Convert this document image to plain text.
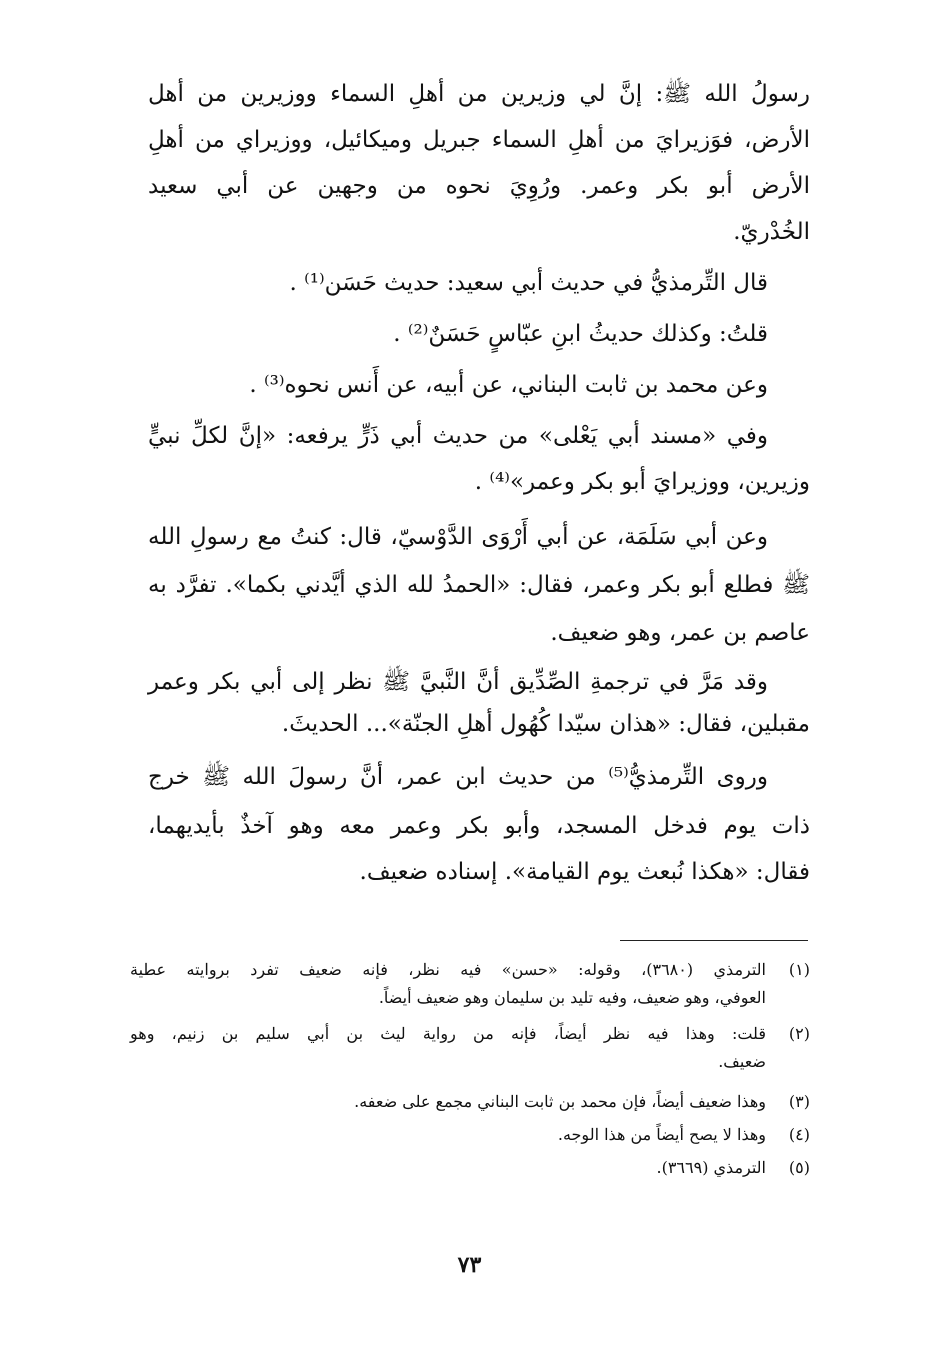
رسولُ الله ﷺ: إنَّ لي وزيرين من أهلِ السماء ووزيرين من أهل
الأرض، فوَزيرايَ من أهلِ السماء جبريل وميكائيل، ووزيراي من أهلِ
الأرض أبو بكر وعمر. ورُوِيَ نحوه من وجهين عن أبي سعيد
الخُدْريّ.
قال التِّرمذيُّ في حديث أبي سعيد: حديث حَسَن⁽¹⁾ .
قلتُ: وكذلك حديثُ ابنِ عبّاسٍ حَسَنٌ⁽²⁾ .
وعن محمد بن ثابت البناني، عن أبيه، عن أَنس نحوه⁽³⁾ .
وفي «مسند أبي يَعْلى» من حديث أبي ذَرٍّ يرفعه: «إنَّ لكلِّ نبيٍّ
وزيرين، ووزيرايَ أبو بكر وعمر»⁽⁴⁾ .
وعن أبي سَلَمَة، عن أبي أَرْوَى الدَّوْسيّ، قال: كنتُ مع رسولِ الله
ﷺ فطلع أبو بكر وعمر، فقال: «الحمدُ لله الذي أيَّدني بكما». تفرَّد به
عاصم بن عمر، وهو ضعيف.
وقد مَرَّ في ترجمةِ الصِّدِّيق أنَّ النَّبيَّ ﷺ نظر إلى أبي بكر وعمر
مقبلين، فقال: «هذان سيّدا كُهُول أهلِ الجنّة»... الحديثَ.
وروى التِّرمذيُّ⁽⁵⁾ من حديث ابن عمر، أنَّ رسولَ الله ﷺ خرج
ذات يوم فدخل المسجد، وأبو بكر وعمر معه وهو آخذٌ بأيديهما،
فقال: «هكذا نُبعث يوم القيامة». إسناده ضعيف.
(١)
الترمذي (٣٦٨٠)، وقوله: «حسن» فيه نظر، فإنه ضعيف تفرد بروايته عطية
العوفي، وهو ضعيف، وفيه تليد بن سليمان وهو ضعيف أيضاً.
(٢)
قلت: وهذا فيه نظر أيضاً، فإنه من رواية ليث بن أبي سليم بن زنيم، وهو
ضعيف.
(٣)
وهذا ضعيف أيضاً، فإن محمد بن ثابت البناني مجمع على ضعفه.
(٤)
وهذا لا يصح أيضاً من هذا الوجه.
(٥)
الترمذي (٣٦٦٩).
٧٣
